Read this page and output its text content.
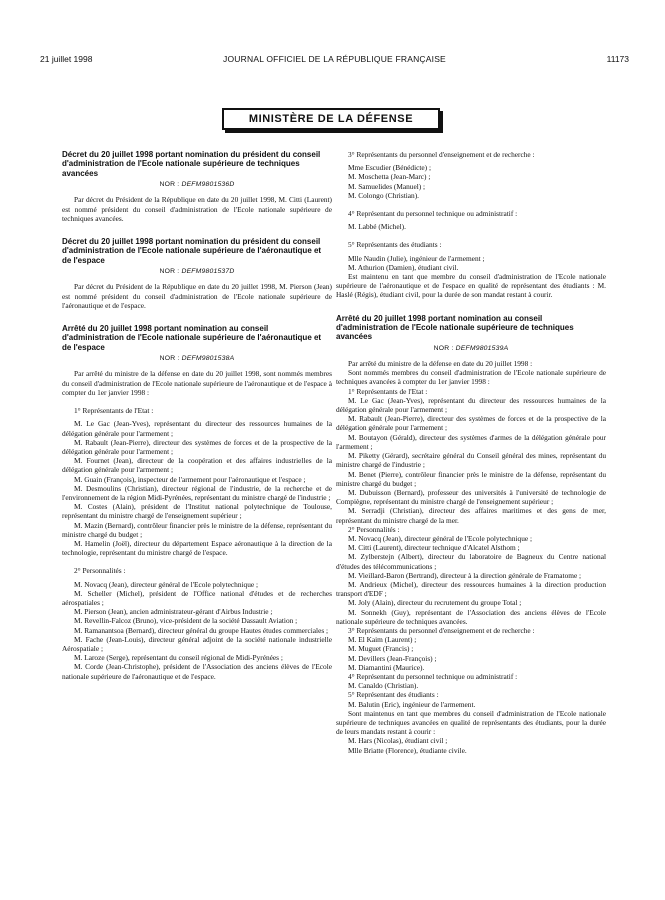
21 juillet 1998	JOURNAL OFFICIEL DE LA RÉPUBLIQUE FRANÇAISE	11173
MINISTÈRE DE LA DÉFENSE
Décret du 20 juillet 1998 portant nomination du président du conseil d'administration de l'Ecole nationale supérieure de techniques avancées
NOR : DEFM9801536D

Par décret du Président de la République en date du 20 juillet 1998, M. Citti (Laurent) est nommé président du conseil d'administration de l'Ecole nationale supérieure de techniques avancées.

Décret du 20 juillet 1998 portant nomination du président du conseil d'administration de l'Ecole nationale supérieure de l'aéronautique et de l'espace
NOR : DEFM9801537D

Par décret du Président de la République en date du 20 juillet 1998, M. Pierson (Jean) est nommé président du conseil d'administration de l'Ecole nationale supérieure de l'aéronautique et de l'espace.

Arrêté du 20 juillet 1998 portant nomination au conseil d'administration de l'Ecole nationale supérieure de l'aéronautique et de l'espace
NOR : DEFM9801538A

Par arrêté du ministre de la défense en date du 20 juillet 1998, sont nommés membres du conseil d'administration de l'Ecole nationale supérieure de l'aéronautique et de l'espace à compter du 1er janvier 1998 :

1° Représentants de l'Etat :

M. Le Gac (Jean-Yves), représentant du directeur des ressources humaines de la délégation générale pour l'armement ;

M. Rabault (Jean-Pierre), directeur des systèmes de forces et de la prospective de la délégation générale pour l'armement ;

M. Fournet (Jean), directeur de la coopération et des affaires industrielles de la délégation générale pour l'armement ;

M. Guain (François), inspecteur de l'armement pour l'aéronautique et l'espace ;

M. Desmoulins (Christian), directeur régional de l'industrie, de la recherche et de l'environnement de la région Midi-Pyrénées, représentant du ministre chargé de l'industrie ;

M. Costes (Alain), président de l'Institut national polytechnique de Toulouse, représentant du ministre chargé de l'enseignement supérieur ;

M. Mazin (Bernard), contrôleur financier près le ministre de la défense, représentant du ministre chargé du budget ;

M. Hamelin (Joël), directeur du département Espace aéronautique à la direction de la technologie, représentant du ministre chargé de l'espace.

2° Personnalités :

M. Novacq (Jean), directeur général de l'Ecole polytechnique ;

M. Scheller (Michel), président de l'Office national d'études et de recherches aérospatiales ;

M. Pierson (Jean), ancien administrateur-gérant d'Airbus Industrie ;

M. Revellin-Falcoz (Bruno), vice-président de la société Dassault Aviation ;

M. Ramanantsoa (Bernard), directeur général du groupe Hautes études commerciales ;

M. Fache (Jean-Louis), directeur général adjoint de la société nationale industrielle Aérospatiale ;

M. Laroze (Serge), représentant du conseil régional de Midi-Pyrénées ;

M. Corde (Jean-Christophe), président de l'Association des anciens élèves de l'Ecole nationale supérieure de l'aéronautique et de l'espace.

3° Représentants du personnel d'enseignement et de recherche :

Mme Escudier (Bénédicte) ;

M. Moschetta (Jean-Marc) ;

M. Samuelides (Manuel) ;

M. Colongo (Christian).

4° Représentant du personnel technique ou administratif :

M. Labbé (Michel).

5° Représentants des étudiants :

Mlle Naudin (Julie), ingénieur de l'armement ;

M. Athurion (Damien), étudiant civil.

Est maintenu en tant que membre du conseil d'administration de l'Ecole nationale supérieure de l'aéronautique et de l'espace en qualité de représentant des étudiants : M. Haslé (Régis), étudiant civil, pour la durée de son mandat restant à courir.

Arrêté du 20 juillet 1998 portant nomination au conseil d'administration de l'Ecole nationale supérieure de techniques avancées
NOR : DEFM9801539A

Par arrêté du ministre de la défense en date du 20 juillet 1998 :

Sont nommés membres du conseil d'administration de l'Ecole nationale supérieure de techniques avancées à compter du 1er janvier 1998 :

1° Représentants de l'Etat :

M. Le Gac (Jean-Yves), représentant du directeur des ressources humaines de la délégation générale pour l'armement ;

M. Rabault (Jean-Pierre), directeur des systèmes de forces et de la prospective de la délégation générale pour l'armement ;

M. Boutayon (Gérald), directeur des systèmes d'armes de la délégation générale pour l'armement ;

M. Piketty (Gérard), secrétaire général du Conseil général des mines, représentant du ministre chargé de l'industrie ;

M. Benet (Pierre), contrôleur financier près le ministre de la défense, représentant du ministre chargé du budget ;

M. Dubuisson (Bernard), professeur des universités à l'université de technologie de Compiègne, représentant du ministre chargé de l'enseignement supérieur ;

M. Serradji (Christian), directeur des affaires maritimes et des gens de mer, représentant du ministre chargé de la mer.

2° Personnalités :

M. Novacq (Jean), directeur général de l'Ecole polytechnique ;

M. Citti (Laurent), directeur technique d'Alcatel Alsthom ;

M. Zylberstejn (Albert), directeur du laboratoire de Bagneux du Centre national d'études des télécommunications ;

M. Vieillard-Baron (Bertrand), directeur à la direction générale de Framatome ;

M. Andrieux (Michel), directeur des ressources humaines à la direction production transport d'EDF ;

M. Joly (Alain), directeur du recrutement du groupe Total ;

M. Sonnekh (Guy), représentant de l'Association des anciens élèves de l'Ecole nationale supérieure de techniques avancées.

3° Représentants du personnel d'enseignement et de recherche :

M. El Kaim (Laurent) ;

M. Muguet (Francis) ;

M. Devillers (Jean-François) ;

M. Diamantini (Maurice).

4° Représentant du personnel technique ou administratif :

M. Canaldo (Christian).

5° Représentant des étudiants :

M. Balutin (Eric), ingénieur de l'armement.

Sont maintenus en tant que membres du conseil d'administration de l'Ecole nationale supérieure de techniques avancées en qualité de représentants des étudiants, pour la durée de leurs mandats restant à courir :

M. Hars (Nicolas), étudiant civil ;

Mlle Briatte (Florence), étudiante civile.
